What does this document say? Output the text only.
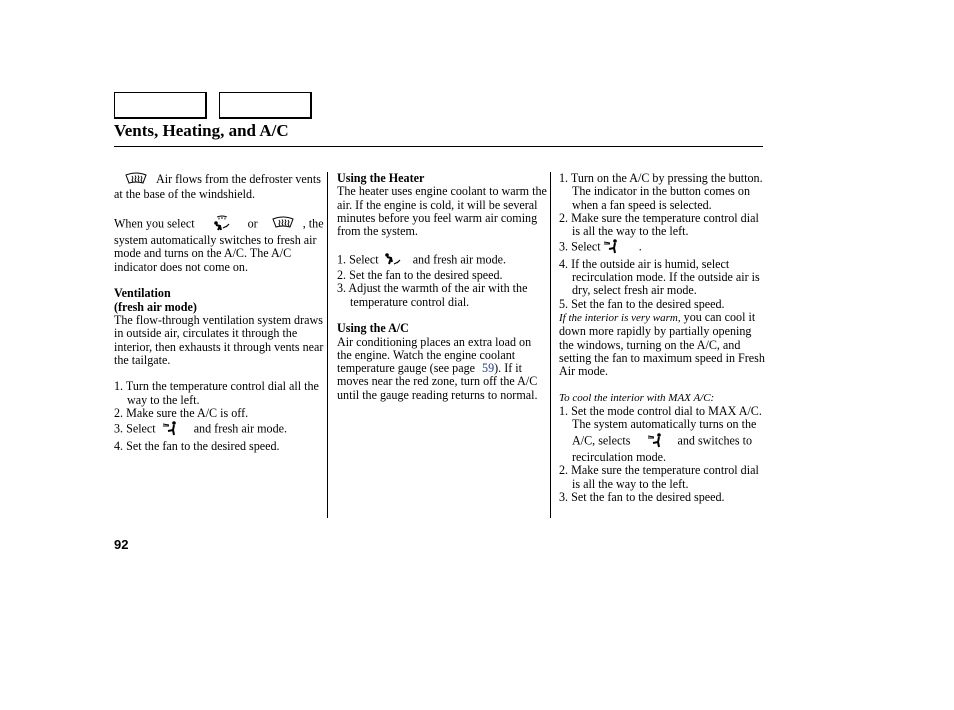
Vents, Heating, and A/C

Air flows from the defroster vents at the base of the windshield.

When you select	or	, the system automatically switches to fresh air mode and turns on the A/C. The A/C indicator does not come on.

Ventilation

(fresh air mode)

The flow-through ventilation system draws in outside air, circulates it through the interior, then exhausts it through vents near the tailgate.

1. Turn the temperature control dial all the way to the left.

2. Make sure the A/C is off.

3. Select	and fresh air mode.

4. Set the fan to the desired speed.

Using the Heater

The heater uses engine coolant to warm the air. If the engine is cold, it will be several minutes before you feel warm air coming from the system.

1. Select	and fresh air mode.

2. Set the fan to the desired speed.

3. Adjust the warmth of the air with the temperature control dial.

Using the A/C

Air conditioning places an extra load on the engine. Watch the engine coolant temperature gauge (see page 59). If it moves near the red zone, turn off the A/C until the gauge reading returns to normal.

1. Turn on the A/C by pressing the button. The indicator in the button comes on when a fan speed is selected.

2. Make sure the temperature control dial is all the way to the left.

3. Select	.

4. If the outside air is humid, select recirculation mode. If the outside air is dry, select fresh air mode.

5. Set the fan to the desired speed.

If the interior is very warm, you can cool it down more rapidly by partially opening the windows, turning on the A/C, and setting the fan to maximum speed in Fresh Air mode.

To cool the interior with MAX A/C:

1. Set the mode control dial to MAX A/C.

The system automatically turns on the A/C, selects	and switches to recirculation mode.

2. Make sure the temperature control dial is all the way to the left.

3. Set the fan to the desired speed.

92
